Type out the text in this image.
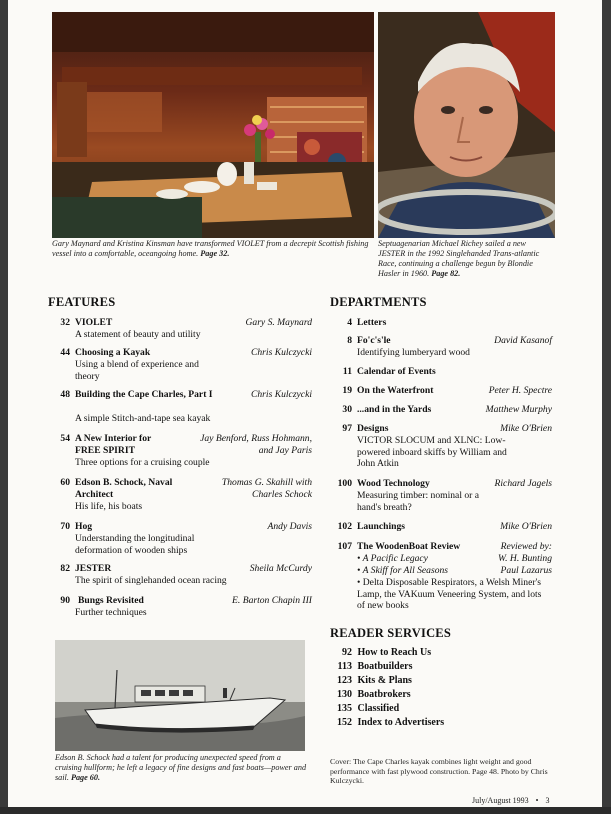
Gary Maynard and Kristina Kinsman have transformed VIOLET from a decrepit Scottish fishing vessel into a comfortable, oceangoing home. Page 32.
Septuagenarian Michael Richey sailed a new JESTER in the 1992 Singlehanded Trans-atlantic Race, continuing a challenge begun by Blondie Hasler in 1960. Page 82.
FEATURES
32 VIOLET	Gary S. Maynard
A statement of beauty and utility
44 Choosing a Kayak	Chris Kulczycki
Using a blend of experience and theory
48 Building the Cape Charles, Part I	Chris Kulczycki
A simple Stitch-and-tape sea kayak
54 A New Interior for FREE SPIRIT
Jay Benford, Russ Hohmann, and Jay Paris
Three options for a cruising couple
60 Edson B. Schock, Naval Architect
Thomas G. Skahill with Charles Schock
His life, his boats
70 Hog	Andy Davis
Understanding the longitudinal deformation of wooden ships
82 JESTER	Sheila McCurdy
The spirit of singlehanded ocean racing
90 Bungs Revisited	E. Barton Chapin III
Further techniques
DEPARTMENTS
4 Letters
8 Fo'c's'le	David Kasanof
Identifying lumberyard wood
11 Calendar of Events
19 On the Waterfront	Peter H. Spectre
30 ...and in the Yards	Matthew Murphy
97 Designs	Mike O'Brien
VICTOR SLOCUM and XLNC: Low-powered inboard skiffs by William and John Atkin
100 Wood Technology	Richard Jagels
Measuring timber: nominal or a hand's breath?
102 Launchings	Mike O'Brien
107 The WoodenBoat Review	Reviewed by:
• A Pacific Legacy	W. H. Bunting
• A Skiff for All Seasons	Paul Lazarus
• Delta Disposable Respirators, a Welsh Miner's Lamp, the VAKuum Veneering System, and lots of new books
READER SERVICES
92 How to Reach Us
113 Boatbuilders
123 Kits & Plans
130 Boatbrokers
135 Classified
152 Index to Advertisers
Edson B. Schock had a talent for producing unexpected speed from a cruising hullform; he left a legacy of fine designs and fast boats—power and sail. Page 60.
Cover: The Cape Charles kayak combines light weight and good performance with fast plywood construction. Page 48. Photo by Chris Kulczycki.
July/August 1993 • 3
